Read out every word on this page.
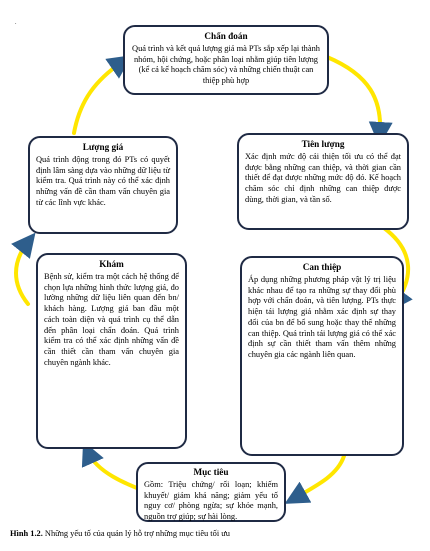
.
Chẩn đoán
Quá trình và kết quả lượng giá mà PTs sắp xếp lại thành nhóm, hội chứng, hoặc phân loại nhằm giúp tiên lượng (kể cả kế hoạch chăm sóc) và những chiến thuật can thiệp phù hợp
Tiên lượng
Xác định mức độ cải thiện tối ưu có thể đạt được bằng những can thiệp, và thời gian cần thiết để đạt được những mức độ đó. Kế hoạch chăm sóc chỉ định những can thiệp được dùng, thời gian, và tần số.
Lượng giá
Quá trình động trong đó PTs có quyết định lâm sàng dựa vào những dữ liệu từ kiểm tra. Quá trình này có thể xác định những vấn đề cần tham vấn chuyên gia từ các lĩnh vực khác.
Khám
Bệnh sử, kiểm tra một cách hệ thống để chọn lựa những hình thức lượng giá, đo lường những dữ liệu liên quan đến bn/ khách hàng. Lượng giá ban đầu một cách toàn diện và quá trình cụ thể dẫn đến phân loại chẩn đoán. Quá trình kiểm tra có thể xác định những vấn đề cần thiết cần tham vấn chuyên gia chuyên ngành khác.
Can thiệp
Áp dụng những phương pháp vật lý trị liệu khác nhau để tạo ra những sự thay đổi phù hợp với chẩn đoán, và tiên lượng. PTs thực hiện tái lượng giá nhằm xác định sự thay đổi của bn để bổ sung hoặc thay thế những can thiệp. Quá trình tái lượng giá có thể xác định sự cần thiết tham vấn thêm những chuyên gia các ngành liên quan.
Mục tiêu
Gồm: Triệu chứng/ rối loạn; khiếm khuyết/ giảm khả năng; giảm yếu tố nguy cơ/ phòng ngừa; sự khỏe mạnh, nguồn trợ giúp; sự hài lòng.
Hình 1.2. Những yếu tố của quản lý hỗ trợ những mục tiêu tối ưu
